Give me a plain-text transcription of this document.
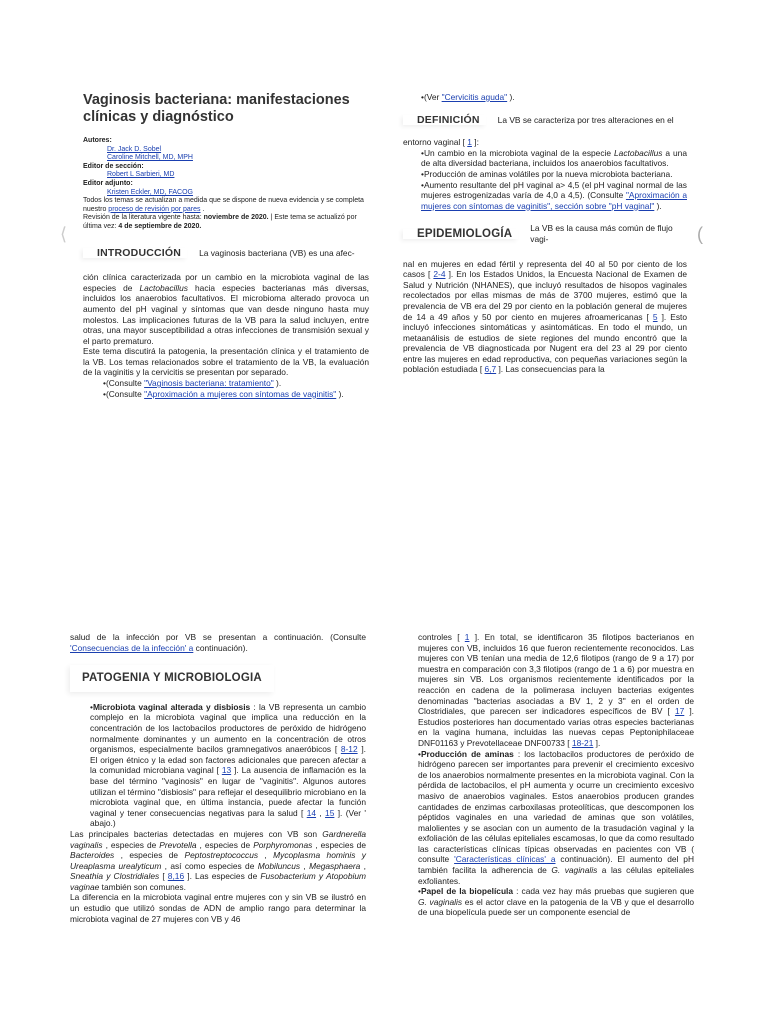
⟨	(

Vaginosis bacteriana: manifestaciones clínicas y diagnóstico

Autores:
Dr. Jack D. Sobel
Caroline Mitchell, MD, MPH
Editor de sección:
Robert L Sarbieri, MD
Editor adjunto:
Kristen Eckler, MD, FACOG
Todos los temas se actualizan a medida que se dispone de nueva evidencia y se completa nuestro proceso de revisión por pares .
Revisión de la literatura vigente hasta: noviembre de 2020. | Este tema se actualizó por última vez: 4 de septiembre de 2020.
INTRODUCCIÓN	La vaginosis bacteriana (VB) es una afec-

ción clínica caracterizada por un cambio en la microbiota vaginal de las especies de Lactobacillus hacia especies bacterianas más diversas, incluidos los anaerobios facultativos. El microbioma alterado provoca un aumento del pH vaginal y síntomas que van desde ninguno hasta muy molestos. Las implicaciones futuras de la VB para la salud incluyen, entre otras, una mayor susceptibilidad a otras infecciones de transmisión sexual y el parto prematuro.

Este tema discutirá la patogenia, la presentación clínica y el tratamiento de la VB. Los temas relacionados sobre el tratamiento de la VB, la evaluación de la vaginitis y la cervicitis se presentan por separado.

• (Consulte "Vaginosis bacteriana: tratamiento" ).

• (Consulte "Aproximación a mujeres con síntomas de vaginitis" ).

• (Ver "Cervicitis aguda" ).

DEFINICIÓN	La VB se caracteriza por tres alteraciones en el

entorno vaginal [ 1 ]:

• Un cambio en la microbiota vaginal de la especie Lactobacillus a una de alta diversidad bacteriana, incluidos los anaerobios facultativos.

• Producción de aminas volátiles por la nueva microbiota bacteriana.

• Aumento resultante del pH vaginal a> 4,5 (el pH vaginal normal de las mujeres estrogenizadas varía de 4,0 a 4,5). (Consulte "Aproximación a mujeres con síntomas de vaginitis", sección sobre "pH vaginal" ).

EPIDEMIOLOGÍA	La VB es la causa más común de flujo vagi-

nal en mujeres en edad fértil y representa del 40 al 50 por ciento de los casos [ 2-4 ]. En los Estados Unidos, la Encuesta Nacional de Examen de Salud y Nutrición (NHANES), que incluyó resultados de hisopos vaginales recolectados por ellas mismas de más de 3700 mujeres, estimó que la prevalencia de VB era del 29 por ciento en la población general de mujeres de 14 a 49 años y 50 por ciento en mujeres afroamericanas [ 5 ]. Esto incluyó infecciones sintomáticas y asintomáticas. En todo el mundo, un metaanálisis de estudios de siete regiones del mundo encontró que la prevalencia de VB diagnosticada por Nugent era del 23 al 29 por ciento entre las mujeres en edad reproductiva, con pequeñas variaciones según la población estudiada [ 6,7 ]. Las consecuencias para la

salud de la infección por VB se presentan a continuación. (Consulte 'Consecuencias de la infección' a continuación).

PATOGENIA Y MICROBIOLOGIA

• Microbiota vaginal alterada y disbiosis : la VB representa un cambio complejo en la microbiota vaginal que implica una reducción en la concentración de los lactobacilos productores de peróxido de hidrógeno normalmente dominantes y un aumento en la concentración de otros organismos, especialmente bacilos gramnegativos anaeróbicos [ 8-12 ]. El origen étnico y la edad son factores adicionales que parecen afectar a la comunidad microbiana vaginal [ 13 ]. La ausencia de inflamación es la base del término "vaginosis" en lugar de "vaginitis". Algunos autores utilizan el término "disbiosis" para reflejar el desequilibrio microbiano en la microbiota vaginal que, en última instancia, puede afectar la función vaginal y tener consecuencias negativas para la salud [ 14 , 15 ]. (Ver ' abajo.)

Las principales bacterias detectadas en mujeres con VB son Gardnerella vaginalis , especies de Prevotella , especies de Porphyromonas , especies de Bacteroides , especies de Peptostreptococcus , Mycoplasma hominis y Ureaplasma urealyticum , así como especies de Mobiluncus , Megasphaera , Sneathia y Clostridiales [ 8,16 ]. Las especies de Fusobacterium y Atopobium vaginae también son comunes.

La diferencia en la microbiota vaginal entre mujeres con y sin VB se ilustró en un estudio que utilizó sondas de ADN de amplio rango para determinar la microbiota vaginal de 27 mujeres con VB y 46

controles [ 1 ]. En total, se identificaron 35 filotipos bacterianos en mujeres con VB, incluidos 16 que fueron recientemente reconocidos. Las mujeres con VB tenían una media de 12,6 filotipos (rango de 9 a 17) por muestra en comparación con 3,3 filotipos (rango de 1 a 6) por muestra en mujeres sin VB. Los organismos recientemente identificados por la reacción en cadena de la polimerasa incluyen bacterias exigentes denominadas "bacterias asociadas a BV 1, 2 y 3" en el orden de Clostridiales, que parecen ser indicadores específicos de BV [ 17 ]. Estudios posteriores han documentado varias otras especies bacterianas en la vagina humana, incluidas las nuevas cepas Peptoniphilaceae DNF01163 y Prevotellaceae DNF00733 [ 18-21 ].

• Producción de aminas : los lactobacilos productores de peróxido de hidrógeno parecen ser importantes para prevenir el crecimiento excesivo de los anaerobios normalmente presentes en la microbiota vaginal. Con la pérdida de lactobacilos, el pH aumenta y ocurre un crecimiento excesivo masivo de anaerobios vaginales. Estos anaerobios producen grandes cantidades de enzimas carboxilasas proteolíticas, que descomponen los péptidos vaginales en una variedad de aminas que son volátiles, malolientes y se asocian con un aumento de la trasudación vaginal y la exfoliación de las células epiteliales escamosas, lo que da como resultado las características clínicas típicas observadas en pacientes con VB ( consulte 'Características clínicas' a continuación). El aumento del pH también facilita la adherencia de G. vaginalis a las células epiteliales exfoliantes.

• Papel de la biopelícula : cada vez hay más pruebas que sugieren que G. vaginalis es el actor clave en la patogenia de la VB y que el desarrollo de una biopelícula puede ser un componente esencial de
